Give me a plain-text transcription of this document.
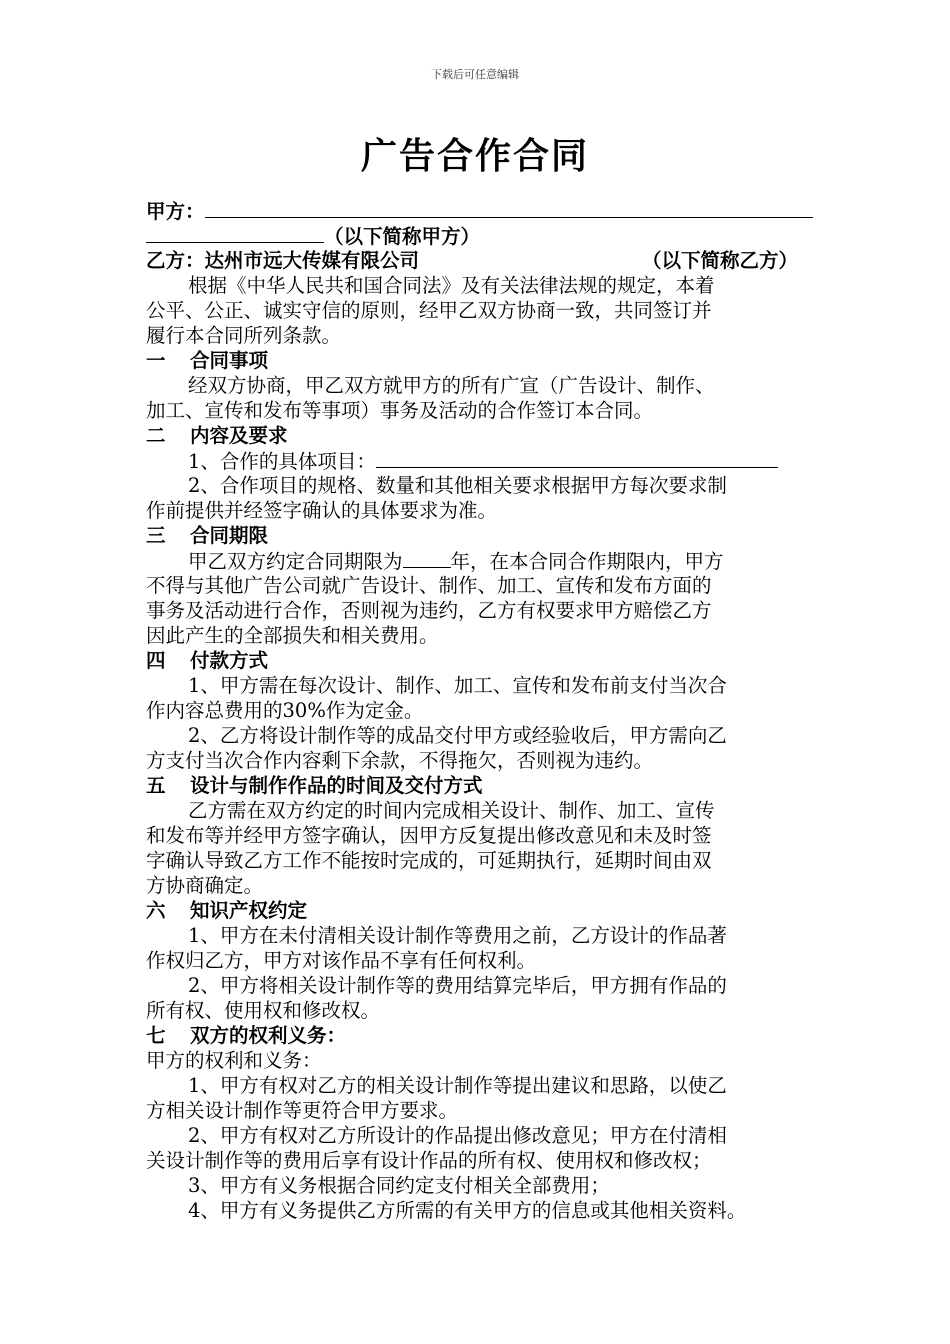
下载后可任意编辑
广告合作合同
甲方：
（以下简称甲方）
乙方：达州市远大传媒有限公司	（以下简称乙方）
根据《中华人民共和国合同法》及有关法律法规的规定，本着
公平、公正、诚实守信的原则，经甲乙双方协商一致，共同签订并
履行本合同所列条款。
一 合同事项
经双方协商，甲乙双方就甲方的所有广宣（广告设计、制作、
加工、宣传和发布等事项）事务及活动的合作签订本合同。
二 内容及要求
1、合作的具体项目：
2、合作项目的规格、数量和其他相关要求根据甲方每次要求制
作前提供并经签字确认的具体要求为准。
三 合同期限
甲乙双方约定合同期限为 年，在本合同合作期限内，甲方
不得与其他广告公司就广告设计、制作、加工、宣传和发布方面的
事务及活动进行合作，否则视为违约，乙方有权要求甲方赔偿乙方
因此产生的全部损失和相关费用。
四 付款方式
1、甲方需在每次设计、制作、加工、宣传和发布前支付当次合
作内容总费用的30%作为定金。
2、乙方将设计制作等的成品交付甲方或经验收后，甲方需向乙
方支付当次合作内容剩下余款，不得拖欠，否则视为违约。
五 设计与制作作品的时间及交付方式
乙方需在双方约定的时间内完成相关设计、制作、加工、宣传
和发布等并经甲方签字确认，因甲方反复提出修改意见和未及时签
字确认导致乙方工作不能按时完成的，可延期执行，延期时间由双
方协商确定。
六 知识产权约定
1、甲方在未付清相关设计制作等费用之前，乙方设计的作品著
作权归乙方，甲方对该作品不享有任何权利。
2、甲方将相关设计制作等的费用结算完毕后，甲方拥有作品的
所有权、使用权和修改权。
七 双方的权利义务：
甲方的权利和义务：
1、甲方有权对乙方的相关设计制作等提出建议和思路，以使乙
方相关设计制作等更符合甲方要求。
2、甲方有权对乙方所设计的作品提出修改意见；甲方在付清相
关设计制作等的费用后享有设计作品的所有权、使用权和修改权；
3、甲方有义务根据合同约定支付相关全部费用；
4、甲方有义务提供乙方所需的有关甲方的信息或其他相关资料。
